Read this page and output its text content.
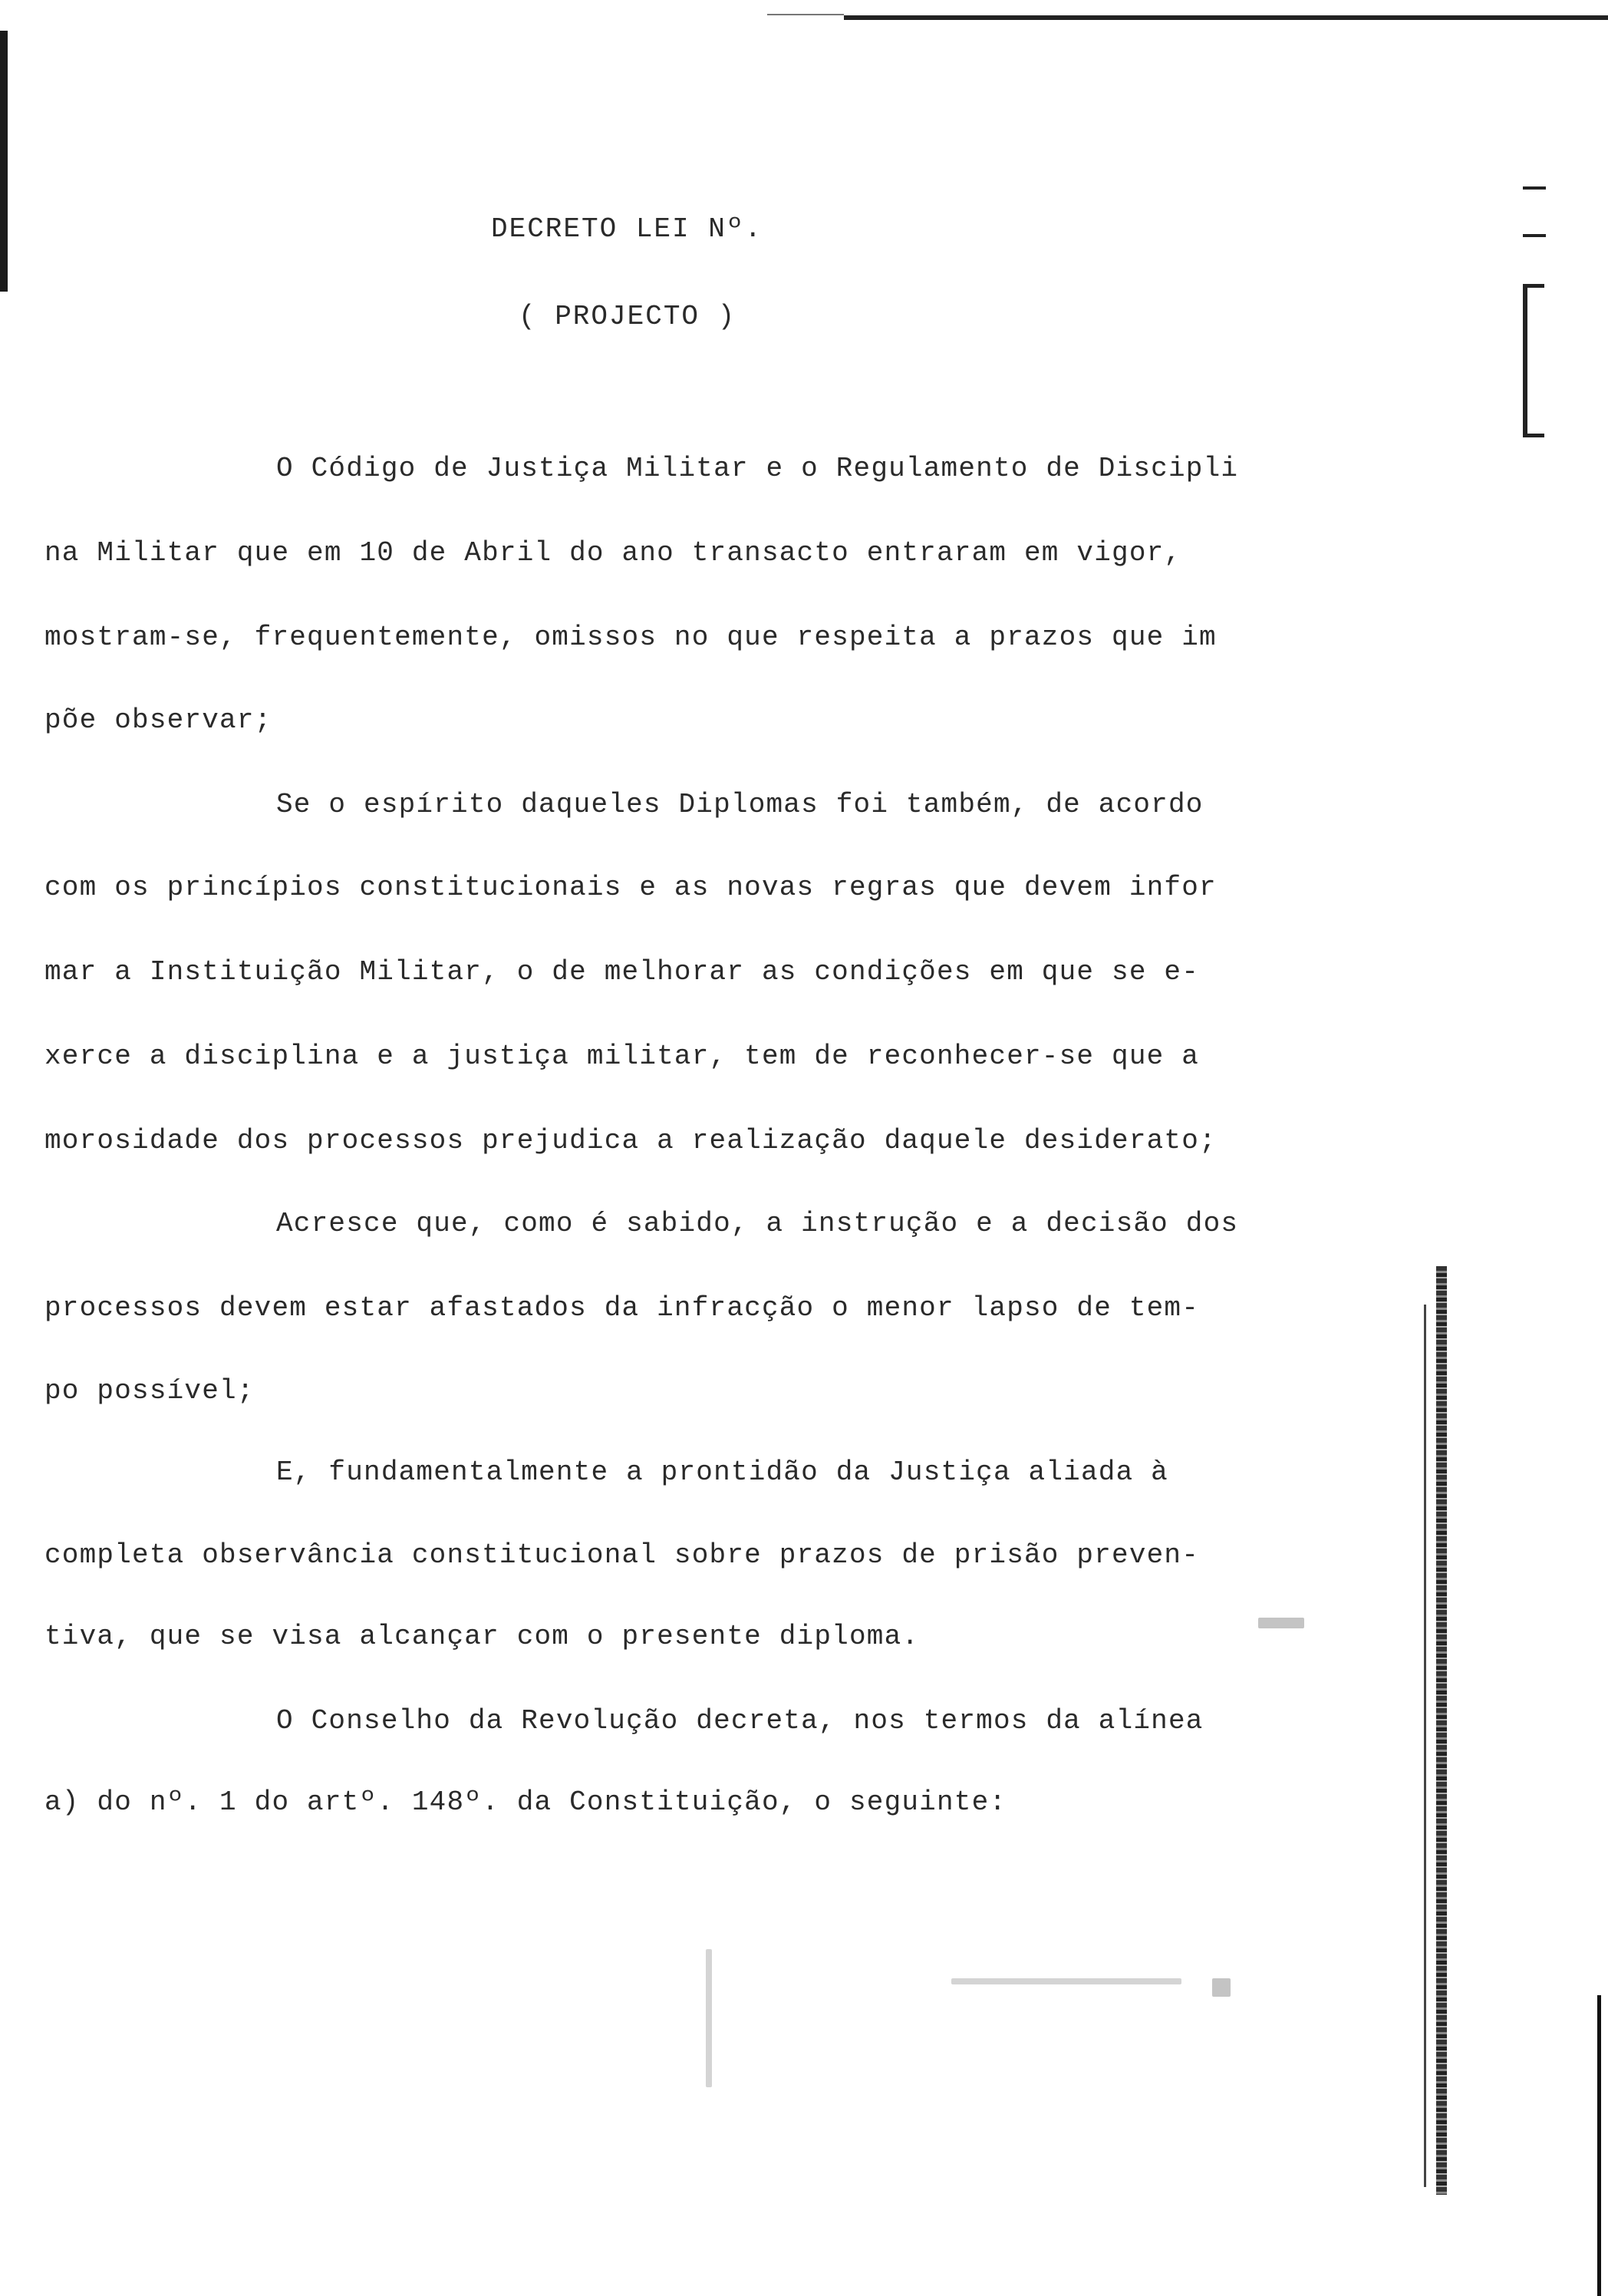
DECRETO LEI Nº.
( PROJECTO )
O Código de Justiça Militar e o Regulamento de Discipli
na Militar que em 10 de Abril do ano transacto entraram em vigor,
mostram-se, frequentemente, omissos no que respeita a prazos que im
põe observar;
Se o espírito daqueles Diplomas foi também, de acordo
com os princípios constitucionais e as novas regras que devem infor
mar a Instituição Militar, o de melhorar as condições em que se e-
xerce a disciplina e a justiça militar, tem de reconhecer-se que a
morosidade dos processos prejudica a realização daquele desiderato;
Acresce que, como é sabido, a instrução e a decisão dos
processos devem estar afastados da infracção o menor lapso de tem-
po possível;
E, fundamentalmente a prontidão da Justiça aliada à
completa observância constitucional sobre prazos de prisão preven-
tiva, que se visa alcançar com o presente diploma.
O Conselho da Revolução decreta, nos termos da alínea
a) do nº. 1 do artº. 148º. da Constituição, o seguinte:
